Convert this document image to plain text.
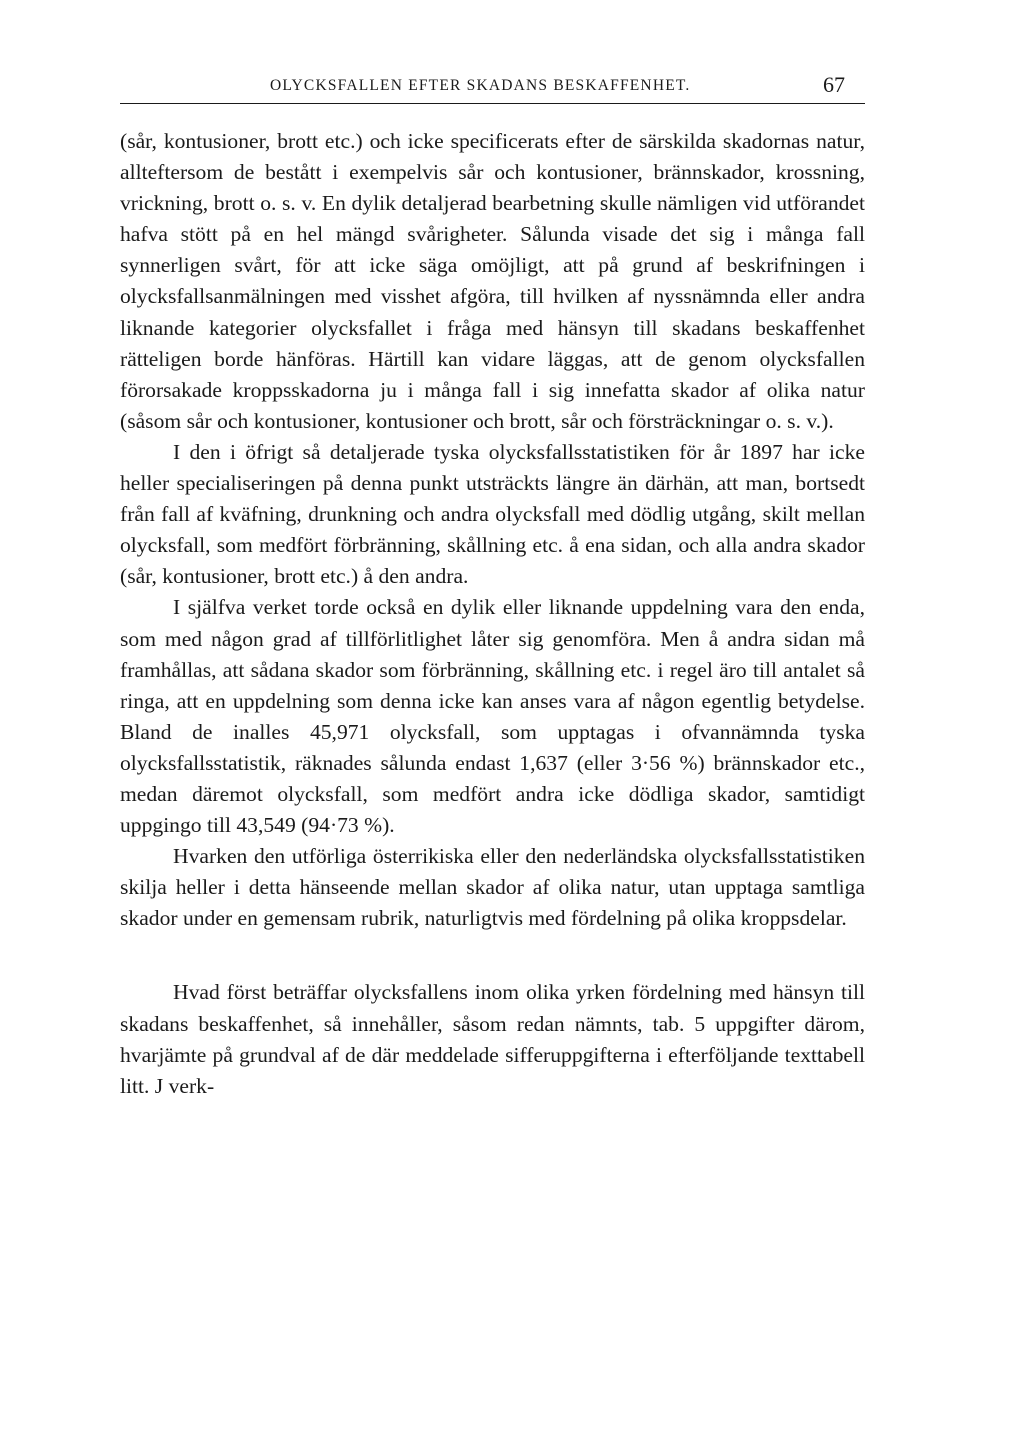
OLYCKSFALLEN EFTER SKADANS BESKAFFENHET.	67

(sår, kontusioner, brott etc.) och icke specificerats efter de särskilda skadornas natur, allteftersom de bestått i exempelvis sår och kontusioner, brännskador, krossning, vrickning, brott o. s. v. En dylik detaljerad bearbetning skulle nämligen vid utförandet hafva stött på en hel mängd svårigheter. Sålunda visade det sig i många fall synnerligen svårt, för att icke säga omöjligt, att på grund af beskrifningen i olycksfallsanmälningen med visshet afgöra, till hvilken af nyssnämnda eller andra liknande kategorier olycksfallet i fråga med hänsyn till skadans beskaffenhet rätteligen borde hänföras. Härtill kan vidare läggas, att de genom olycksfallen förorsakade kroppsskadorna ju i många fall i sig innefatta skador af olika natur (såsom sår och kontusioner, kontusioner och brott, sår och försträckningar o. s. v.).

I den i öfrigt så detaljerade tyska olycksfallsstatistiken för år 1897 har icke heller specialiseringen på denna punkt utsträckts längre än därhän, att man, bortsedt från fall af kväfning, drunkning och andra olycksfall med dödlig utgång, skilt mellan olycksfall, som medfört förbränning, skållning etc. å ena sidan, och alla andra skador (sår, kontusioner, brott etc.) å den andra.

I själfva verket torde också en dylik eller liknande uppdelning vara den enda, som med någon grad af tillförlitlighet låter sig genomföra. Men å andra sidan må framhållas, att sådana skador som förbränning, skållning etc. i regel äro till antalet så ringa, att en uppdelning som denna icke kan anses vara af någon egentlig betydelse. Bland de inalles 45,971 olycksfall, som upptagas i ofvannämnda tyska olycksfallsstatistik, räknades sålunda endast 1,637 (eller 3·56 %) brännskador etc., medan däremot olycksfall, som medfört andra icke dödliga skador, samtidigt uppgingo till 43,549 (94·73 %).

Hvarken den utförliga österrikiska eller den nederländska olycksfallsstatistiken skilja heller i detta hänseende mellan skador af olika natur, utan upptaga samtliga skador under en gemensam rubrik, naturligtvis med fördelning på olika kroppsdelar.

Hvad först beträffar olycksfallens inom olika yrken fördelning med hänsyn till skadans beskaffenhet, så innehåller, såsom redan nämnts, tab. 5 uppgifter därom, hvarjämte på grundval af de där meddelade sifferuppgifterna i efterföljande texttabell litt. J verk-
